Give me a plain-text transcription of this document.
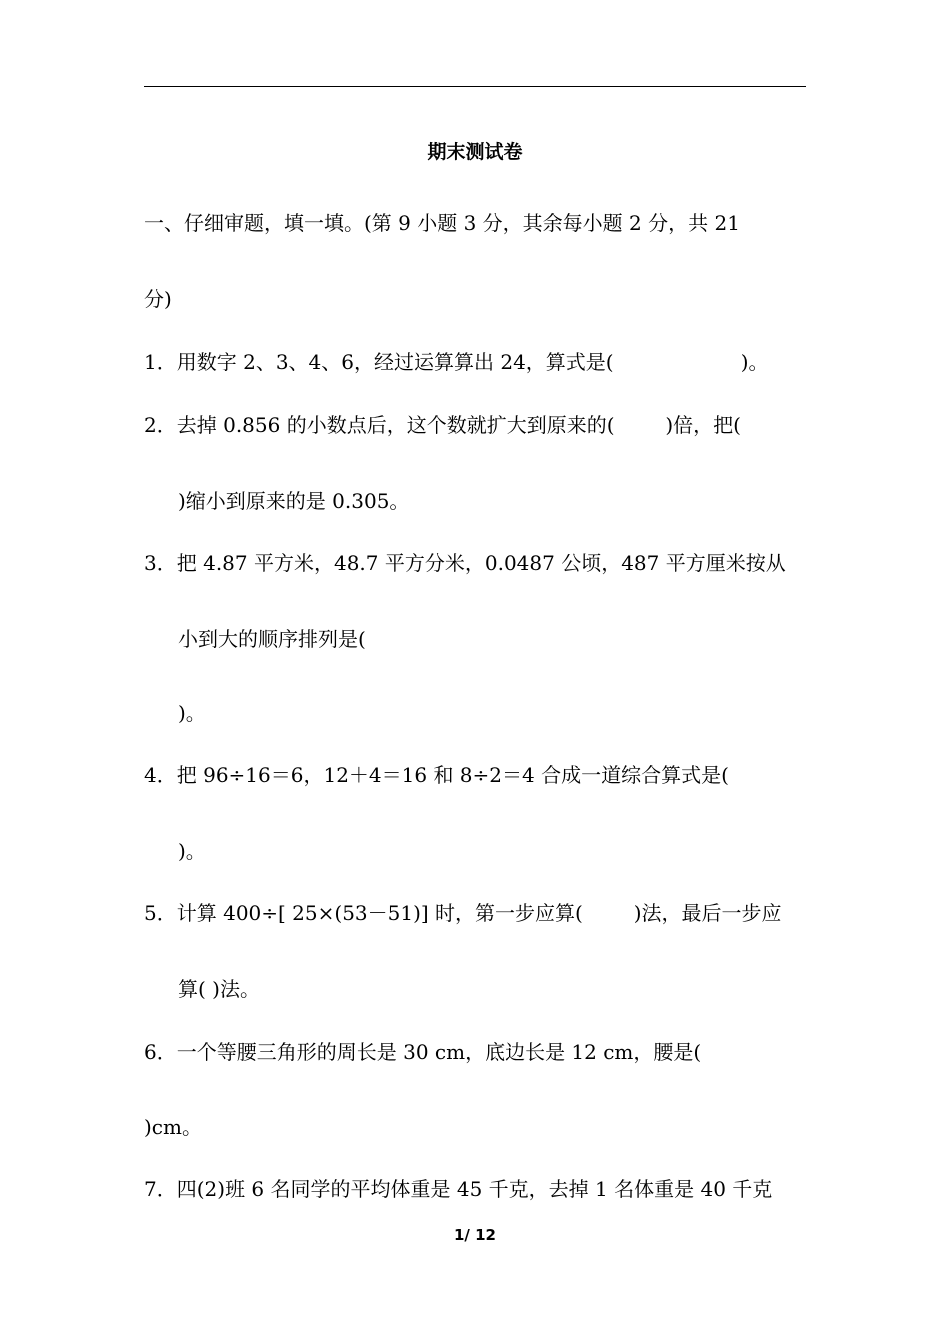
期末测试卷
一、仔细审题，填一填。(第 9 小题 3 分，其余每小题 2 分，共 21
分)
1．用数字 2、3、4、6，经过运算算出 24，算式是(                    )。
2．去掉 0.856 的小数点后，这个数就扩大到原来的(        )倍，把(
)缩小到原来的是 0.305。
3．把 4.87 平方米，48.7 平方分米，0.0487 公顷，487 平方厘米按从
小到大的顺序排列是(
)。
4．把 96÷16＝6，12＋4＝16 和 8÷2＝4 合成一道综合算式是(
)。
5．计算 400÷[ 25×(53－51)] 时，第一步应算(        )法，最后一步应
算( )法。
6．一个等腰三角形的周长是 30 cm，底边长是 12 cm，腰是(
)cm。
7．四(2)班 6 名同学的平均体重是 45 千克，去掉 1 名体重是 40 千克
1/ 12
